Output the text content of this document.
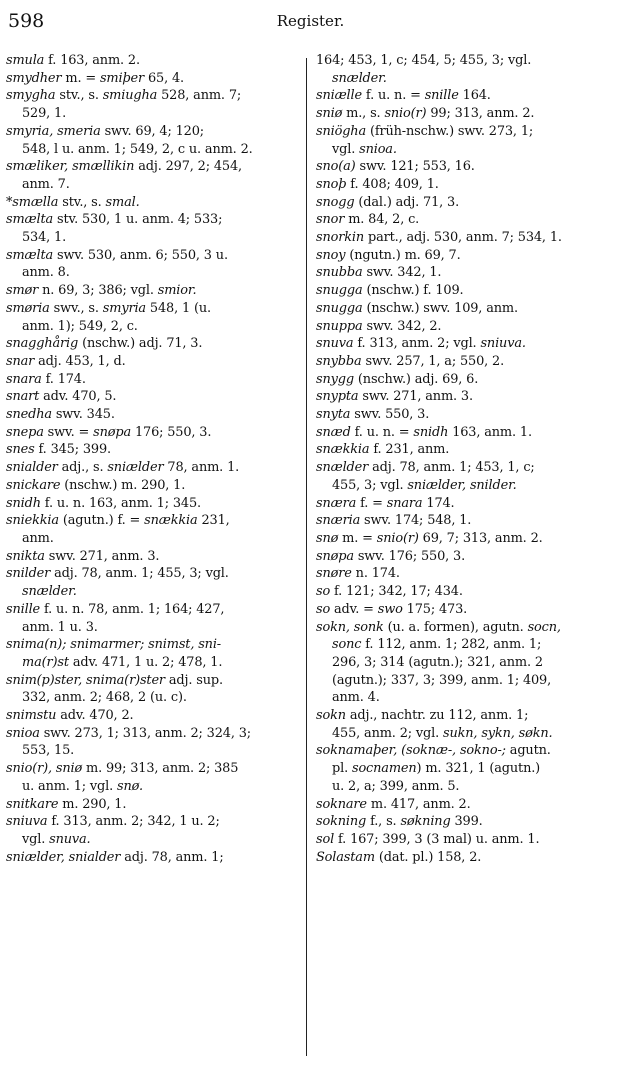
598	Register.
smula f. 163, anm. 2.
smydher m. = smiþer 65, 4.
smygha stv., s. smiugha 528, anm. 7;
529, 1.
smyria, smeria swv. 69, 4; 120;
548, l u. anm. 1; 549, 2, c u. anm. 2.
smæliker, smællikin adj. 297, 2; 454,
anm. 7.
*smælla stv., s. smal.
smælta stv. 530, 1 u. anm. 4; 533;
534, 1.
smælta swv. 530, anm. 6; 550, 3 u.
anm. 8.
smør n. 69, 3; 386; vgl. smior.
smøria swv., s. smyria 548, 1 (u.
anm. 1); 549, 2, c.
snagghårig (nschw.) adj. 71, 3.
snar adj. 453, 1, d.
snara f. 174.
snart adv. 470, 5.
snedha swv. 345.
snepa swv. = snøpa 176; 550, 3.
snes f. 345; 399.
snialder adj., s. sniælder 78, anm. 1.
snickare (nschw.) m. 290, 1.
snidh f. u. n. 163, anm. 1; 345.
sniekkia (agutn.) f. = snækkia 231,
anm.
snikta swv. 271, anm. 3.
snilder adj. 78, anm. 1; 455, 3; vgl.
snælder.
snille f. u. n. 78, anm. 1; 164; 427,
anm. 1 u. 3.
snima(n); snimarmer; snimst, sni-
ma(r)st adv. 471, 1 u. 2; 478, 1.
snim(p)ster, snima(r)ster adj. sup.
332, anm. 2; 468, 2 (u. c).
snimstu adv. 470, 2.
snioa swv. 273, 1; 313, anm. 2; 324, 3;
553, 15.
snio(r), sniø m. 99; 313, anm. 2; 385
u. anm. 1; vgl. snø.
snitkare m. 290, 1.
sniuva f. 313, anm. 2; 342, 1 u. 2;
vgl. snuva.
sniælder, snialder adj. 78, anm. 1;
164; 453, 1, c; 454, 5; 455, 3; vgl.
snælder.
sniælle f. u. n. = snille 164.
sniø m., s. snio(r) 99; 313, anm. 2.
sniögha (früh-nschw.) swv. 273, 1;
vgl. snioa.
sno(a) swv. 121; 553, 16.
snoþ f. 408; 409, 1.
snogg (dal.) adj. 71, 3.
snor m. 84, 2, c.
snorkin part., adj. 530, anm. 7; 534, 1.
snoy (ngutn.) m. 69, 7.
snubba swv. 342, 1.
snugga (nschw.) f. 109.
snugga (nschw.) swv. 109, anm.
snuppa swv. 342, 2.
snuva f. 313, anm. 2; vgl. sniuva.
snybba swv. 257, 1, a; 550, 2.
snygg (nschw.) adj. 69, 6.
snypta swv. 271, anm. 3.
snyta swv. 550, 3.
snæd f. u. n. = snidh 163, anm. 1.
snækkia f. 231, anm.
snælder adj. 78, anm. 1; 453, 1, c;
455, 3; vgl. sniælder, snilder.
snæra f. = snara 174.
snæria swv. 174; 548, 1.
snø m. = snio(r) 69, 7; 313, anm. 2.
snøpa swv. 176; 550, 3.
snøre n. 174.
so f. 121; 342, 17; 434.
so adv. = swo 175; 473.
sokn, sonk (u. a. formen), agutn. socn,
sonc f. 112, anm. 1; 282, anm. 1;
296, 3; 314 (agutn.); 321, anm. 2
(agutn.); 337, 3; 399, anm. 1; 409,
anm. 4.
sokn adj., nachtr. zu 112, anm. 1;
455, anm. 2; vgl. sukn, sykn, søkn.
soknamaþer, (soknæ-, sokno-; agutn.
pl. socnamen) m. 321, 1 (agutn.)
u. 2, a; 399, anm. 5.
soknare m. 417, anm. 2.
sokning f., s. søkning 399.
sol f. 167; 399, 3 (3 mal) u. anm. 1.
Solastam (dat. pl.) 158, 2.
